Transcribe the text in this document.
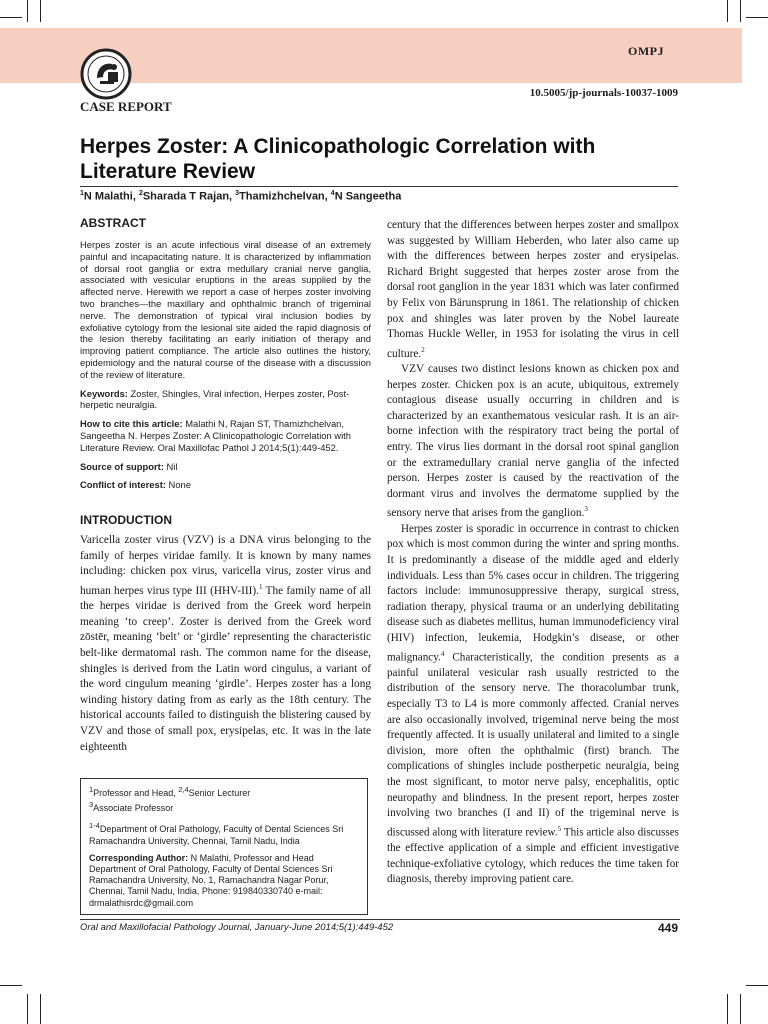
OMPJ
CASE REPORT
10.5005/jp-journals-10037-1009
Herpes Zoster: A Clinicopathologic Correlation with Literature Review
$^1$N Malathi, $^2$Sharada T Rajan, $^3$Thamizhchelvan, $^4$N Sangeetha
ABSTRACT
Herpes zoster is an acute infectious viral disease of an extremely painful and incapacitating nature. It is characterized by inflammation of dorsal root ganglia or extra medullary cranial nerve ganglia, associated with vesicular eruptions in the areas supplied by the affected nerve. Herewith we report a case of herpes zoster involving two branches—the maxillary and ophthalmic branch of trigeminal nerve. The demonstration of typical viral inclusion bodies by exfoliative cytology from the lesional site aided the rapid diagnosis of the lesion thereby facilitating an early initiation of therapy and improving patient compliance. The article also outlines the history, epidemiology and the natural course of the disease with a discussion of the review of literature.
Keywords: Zoster, Shingles, Viral infection, Herpes zoster, Post-herpetic neuralgia.
How to cite this article: Malathi N, Rajan ST, Thamizhchelvan, Sangeetha N. Herpes Zoster: A Clinicopathologic Correlation with Literature Review. Oral Maxillofac Pathol J 2014;5(1):449-452.
Source of support: Nil
Conflict of interest: None
INTRODUCTION

Varicella zoster virus (VZV) is a DNA virus belonging to the family of herpes viridae family. It is known by many names including: chicken pox virus, varicella virus, zoster virus and human herpes virus type III (HHV-III).$^1$ The family name of all the herpes viridae is derived from the Greek word herpein meaning ‘to creep’. Zoster is derived from the Greek word zōstēr, meaning ‘belt’ or ‘girdle’ representing the characteristic belt-like dermatomal rash. The common name for the disease, shingles is derived from the Latin word cingulus, a variant of the word cingulum meaning ‘girdle’. Herpes zoster has a long winding history dating from as early as the 18th century. The historical accounts failed to distinguish the blistering caused by VZV and those of small pox, erysipelas, etc. It was in the late eighteenth

$^1$Professor and Head, $^{2,4}$Senior Lecturer
$^3$Associate Professor

$^{1-4}$Department of Oral Pathology, Faculty of Dental Sciences Sri Ramachandra University, Chennai, Tamil Nadu, India

Corresponding Author: N Malathi, Professor and Head Department of Oral Pathology, Faculty of Dental Sciences Sri Ramachandra University, No. 1, Ramachandra Nagar Porur, Chennai, Tamil Nadu, India, Phone: 919840330740 e-mail: drmalathisrdc@gmail.com

century that the differences between herpes zoster and smallpox was suggested by William Heberden, who later also came up with the differences between herpes zoster and erysipelas. Richard Bright suggested that herpes zoster arose from the dorsal root ganglion in the year 1831 which was later confirmed by Felix von Bärunsprung in 1861. The relationship of chicken pox and shingles was later proven by the Nobel laureate Thomas Huckle Weller, in 1953 for isolating the virus in cell culture.$^2$

VZV causes two distinct lesions known as chicken pox and herpes zoster. Chicken pox is an acute, ubiquitous, extremely contagious disease usually occurring in children and is characterized by an exanthematous vesicular rash. It is an air-borne infection with the respiratory tract being the portal of entry. The virus lies dormant in the dorsal root spinal ganglion or the extramedullary cranial nerve ganglia of the infected person. Herpes zoster is caused by the reactivation of the dormant virus and involves the dermatome supplied by the sensory nerve that arises from the ganglion.$^3$

Herpes zoster is sporadic in occurrence in contrast to chicken pox which is most common during the winter and spring months. It is predominantly a disease of the middle aged and elderly individuals. Less than 5% cases occur in children. The triggering factors include: immunosuppressive therapy, surgical stress, radiation therapy, physical trauma or an underlying debilitating disease such as diabetes mellitus, human immunodeficiency viral (HIV) infection, leukemia, Hodgkin’s disease, or other malignancy.$^4$ Characteristically, the condition presents as a painful unilateral vesicular rash usually restricted to the distribution of the sensory nerve. The thoracolumbar trunk, especially T3 to L4 is more commonly affected. Cranial nerves are also occasionally involved, trigeminal nerve being the most frequently affected. It is usually unilateral and limited to a single division, more often the ophthalmic (first) branch. The complications of shingles include postherpetic neuralgia, being the most significant, to motor nerve palsy, encephalitis, optic neuropathy and blindness. In the present report, herpes zoster involving two branches (I and II) of the trigeminal nerve is discussed along with literature review.$^5$ This article also discusses the effective application of a simple and efficient investigative technique-exfoliative cytology, which reduces the time taken for diagnosis, thereby improving patient care.

Oral and Maxillofacial Pathology Journal, January-June 2014;5(1):449-452	449
